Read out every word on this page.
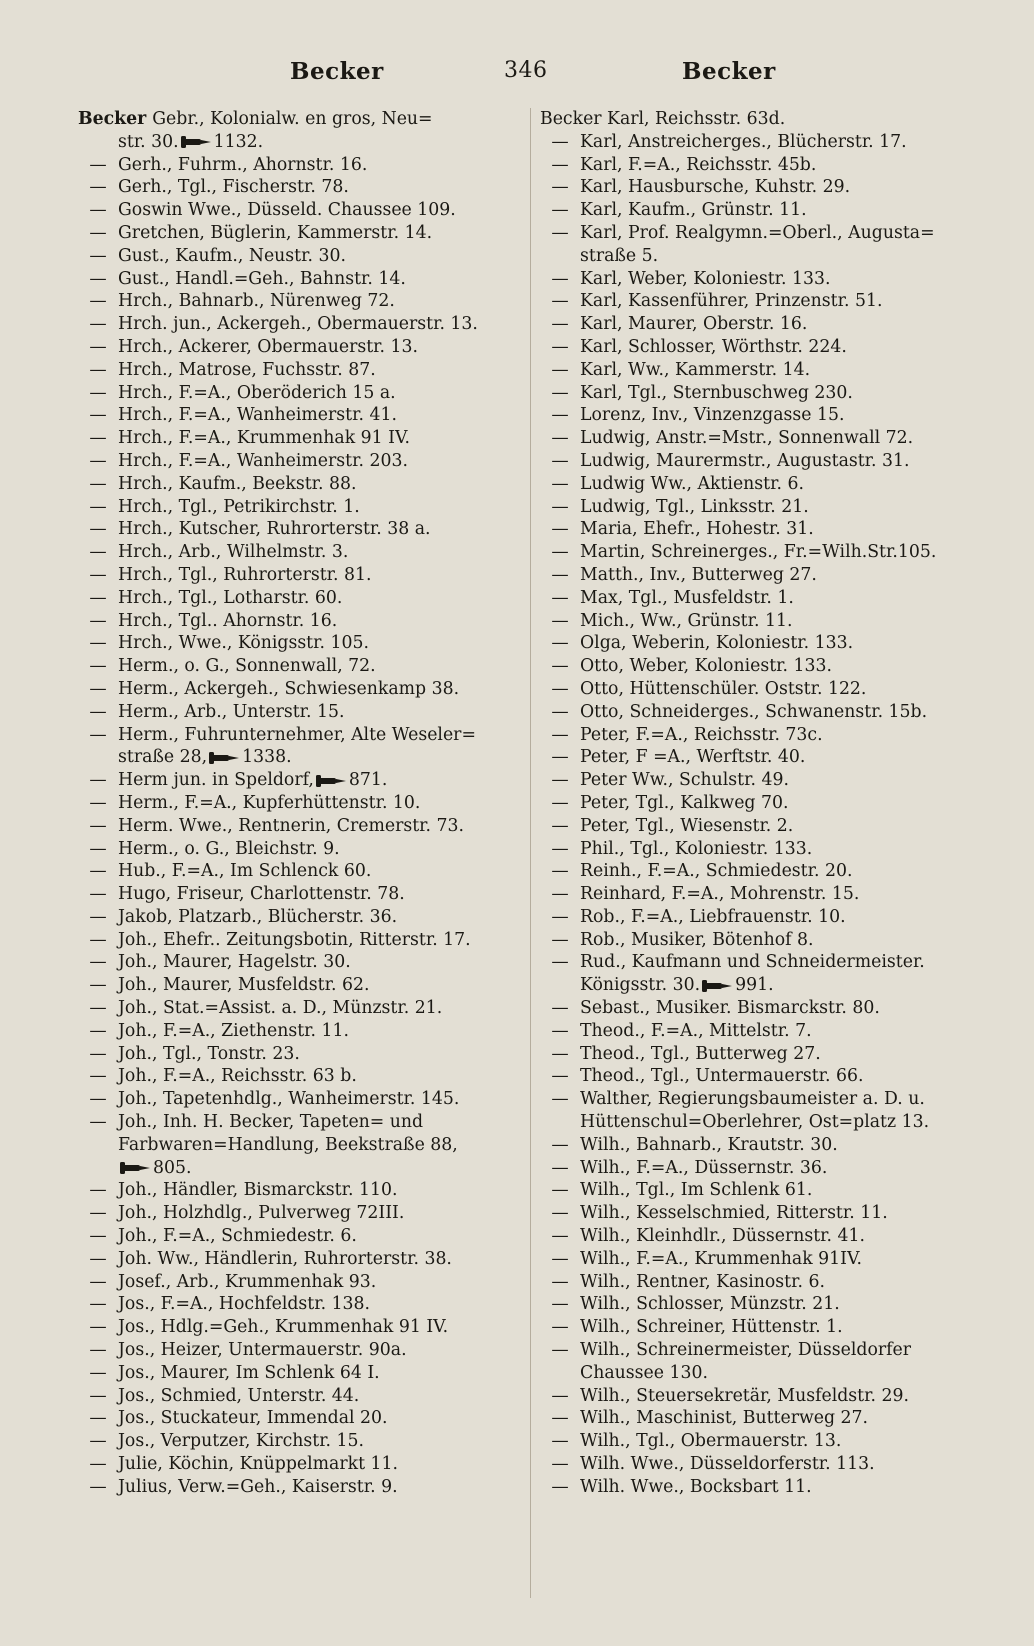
Becker	346	Becker
Becker Gebr., Kolonialw. en gros, Neu=
str. 30. 1132.
— Gerh., Fuhrm., Ahornstr. 16.
— Gerh., Tgl., Fischerstr. 78.
— Goswin Wwe., Düsseld. Chaussee 109.
— Gretchen, Büglerin, Kammerstr. 14.
— Gust., Kaufm., Neustr. 30.
— Gust., Handl.=Geh., Bahnstr. 14.
— Hrch., Bahnarb., Nürenweg 72.
— Hrch. jun., Ackergeh., Obermauerstr. 13.
— Hrch., Ackerer, Obermauerstr. 13.
— Hrch., Matrose, Fuchsstr. 87.
— Hrch., F.=A., Oberöderich 15 a.
— Hrch., F.=A., Wanheimerstr. 41.
— Hrch., F.=A., Krummenhak 91 IV.
— Hrch., F.=A., Wanheimerstr. 203.
— Hrch., Kaufm., Beekstr. 88.
— Hrch., Tgl., Petrikirchstr. 1.
— Hrch., Kutscher, Ruhrorterstr. 38 a.
— Hrch., Arb., Wilhelmstr. 3.
— Hrch., Tgl., Ruhrorterstr. 81.
— Hrch., Tgl., Lotharstr. 60.
— Hrch., Tgl.. Ahornstr. 16.
— Hrch., Wwe., Königsstr. 105.
— Herm., o. G., Sonnenwall, 72.
— Herm., Ackergeh., Schwiesenkamp 38.
— Herm., Arb., Unterstr. 15.
— Herm., Fuhrunternehmer, Alte Weseler=
straße 28, 1338.
— Herm jun. in Speldorf, 871.
— Herm., F.=A., Kupferhüttenstr. 10.
— Herm. Wwe., Rentnerin, Cremerstr. 73.
— Herm., o. G., Bleichstr. 9.
— Hub., F.=A., Im Schlenck 60.
— Hugo, Friseur, Charlottenstr. 78.
— Jakob, Platzarb., Blücherstr. 36.
— Joh., Ehefr.. Zeitungsbotin, Ritterstr. 17.
— Joh., Maurer, Hagelstr. 30.
— Joh., Maurer, Musfeldstr. 62.
— Joh., Stat.=Assist. a. D., Münzstr. 21.
— Joh., F.=A., Ziethenstr. 11.
— Joh., Tgl., Tonstr. 23.
— Joh., F.=A., Reichsstr. 63 b.
— Joh., Tapetenhdlg., Wanheimerstr. 145.
— Joh., Inh. H. Becker, Tapeten= und
Farbwaren=Handlung, Beekstraße 88,
805.
— Joh., Händler, Bismarckstr. 110.
— Joh., Holzhdlg., Pulverweg 72III.
— Joh., F.=A., Schmiedestr. 6.
— Joh. Ww., Händlerin, Ruhrorterstr. 38.
— Josef., Arb., Krummenhak 93.
— Jos., F.=A., Hochfeldstr. 138.
— Jos., Hdlg.=Geh., Krummenhak 91 IV.
— Jos., Heizer, Untermauerstr. 90a.
— Jos., Maurer, Im Schlenk 64 I.
— Jos., Schmied, Unterstr. 44.
— Jos., Stuckateur, Immendal 20.
— Jos., Verputzer, Kirchstr. 15.
— Julie, Köchin, Knüppelmarkt 11.
— Julius, Verw.=Geh., Kaiserstr. 9.
Becker Karl, Reichsstr. 63d.
— Karl, Anstreicherges., Blücherstr. 17.
— Karl, F.=A., Reichsstr. 45b.
— Karl, Hausbursche, Kuhstr. 29.
— Karl, Kaufm., Grünstr. 11.
— Karl, Prof. Realgymn.=Oberl., Augusta=
straße 5.
— Karl, Weber, Koloniestr. 133.
— Karl, Kassenführer, Prinzenstr. 51.
— Karl, Maurer, Oberstr. 16.
— Karl, Schlosser, Wörthstr. 224.
— Karl, Ww., Kammerstr. 14.
— Karl, Tgl., Sternbuschweg 230.
— Lorenz, Inv., Vinzenzgasse 15.
— Ludwig, Anstr.=Mstr., Sonnenwall 72.
— Ludwig, Maurermstr., Augustastr. 31.
— Ludwig Ww., Aktienstr. 6.
— Ludwig, Tgl., Linksstr. 21.
— Maria, Ehefr., Hohestr. 31.
— Martin, Schreinerges., Fr.=Wilh.Str.105.
— Matth., Inv., Butterweg 27.
— Max, Tgl., Musfeldstr. 1.
— Mich., Ww., Grünstr. 11.
— Olga, Weberin, Koloniestr. 133.
— Otto, Weber, Koloniestr. 133.
— Otto, Hüttenschüler. Oststr. 122.
— Otto, Schneiderges., Schwanenstr. 15b.
— Peter, F.=A., Reichsstr. 73c.
— Peter, F =A., Werftstr. 40.
— Peter Ww., Schulstr. 49.
— Peter, Tgl., Kalkweg 70.
— Peter, Tgl., Wiesenstr. 2.
— Phil., Tgl., Koloniestr. 133.
— Reinh., F.=A., Schmiedestr. 20.
— Reinhard, F.=A., Mohrenstr. 15.
— Rob., F.=A., Liebfrauenstr. 10.
— Rob., Musiker, Bötenhof 8.
— Rud., Kaufmann und Schneidermeister.
Königsstr. 30. 991.
— Sebast., Musiker. Bismarckstr. 80.
— Theod., F.=A., Mittelstr. 7.
— Theod., Tgl., Butterweg 27.
— Theod., Tgl., Untermauerstr. 66.
— Walther, Regierungsbaumeister a. D. u.
Hüttenschul=Oberlehrer, Ost=platz 13.
— Wilh., Bahnarb., Krautstr. 30.
— Wilh., F.=A., Düssernstr. 36.
— Wilh., Tgl., Im Schlenk 61.
— Wilh., Kesselschmied, Ritterstr. 11.
— Wilh., Kleinhdlr., Düssernstr. 41.
— Wilh., F.=A., Krummenhak 91IV.
— Wilh., Rentner, Kasinostr. 6.
— Wilh., Schlosser, Münzstr. 21.
— Wilh., Schreiner, Hüttenstr. 1.
— Wilh., Schreinermeister, Düsseldorfer
Chaussee 130.
— Wilh., Steuersekretär, Musfeldstr. 29.
— Wilh., Maschinist, Butterweg 27.
— Wilh., Tgl., Obermauerstr. 13.
— Wilh. Wwe., Düsseldorferstr. 113.
— Wilh. Wwe., Bocksbart 11.
